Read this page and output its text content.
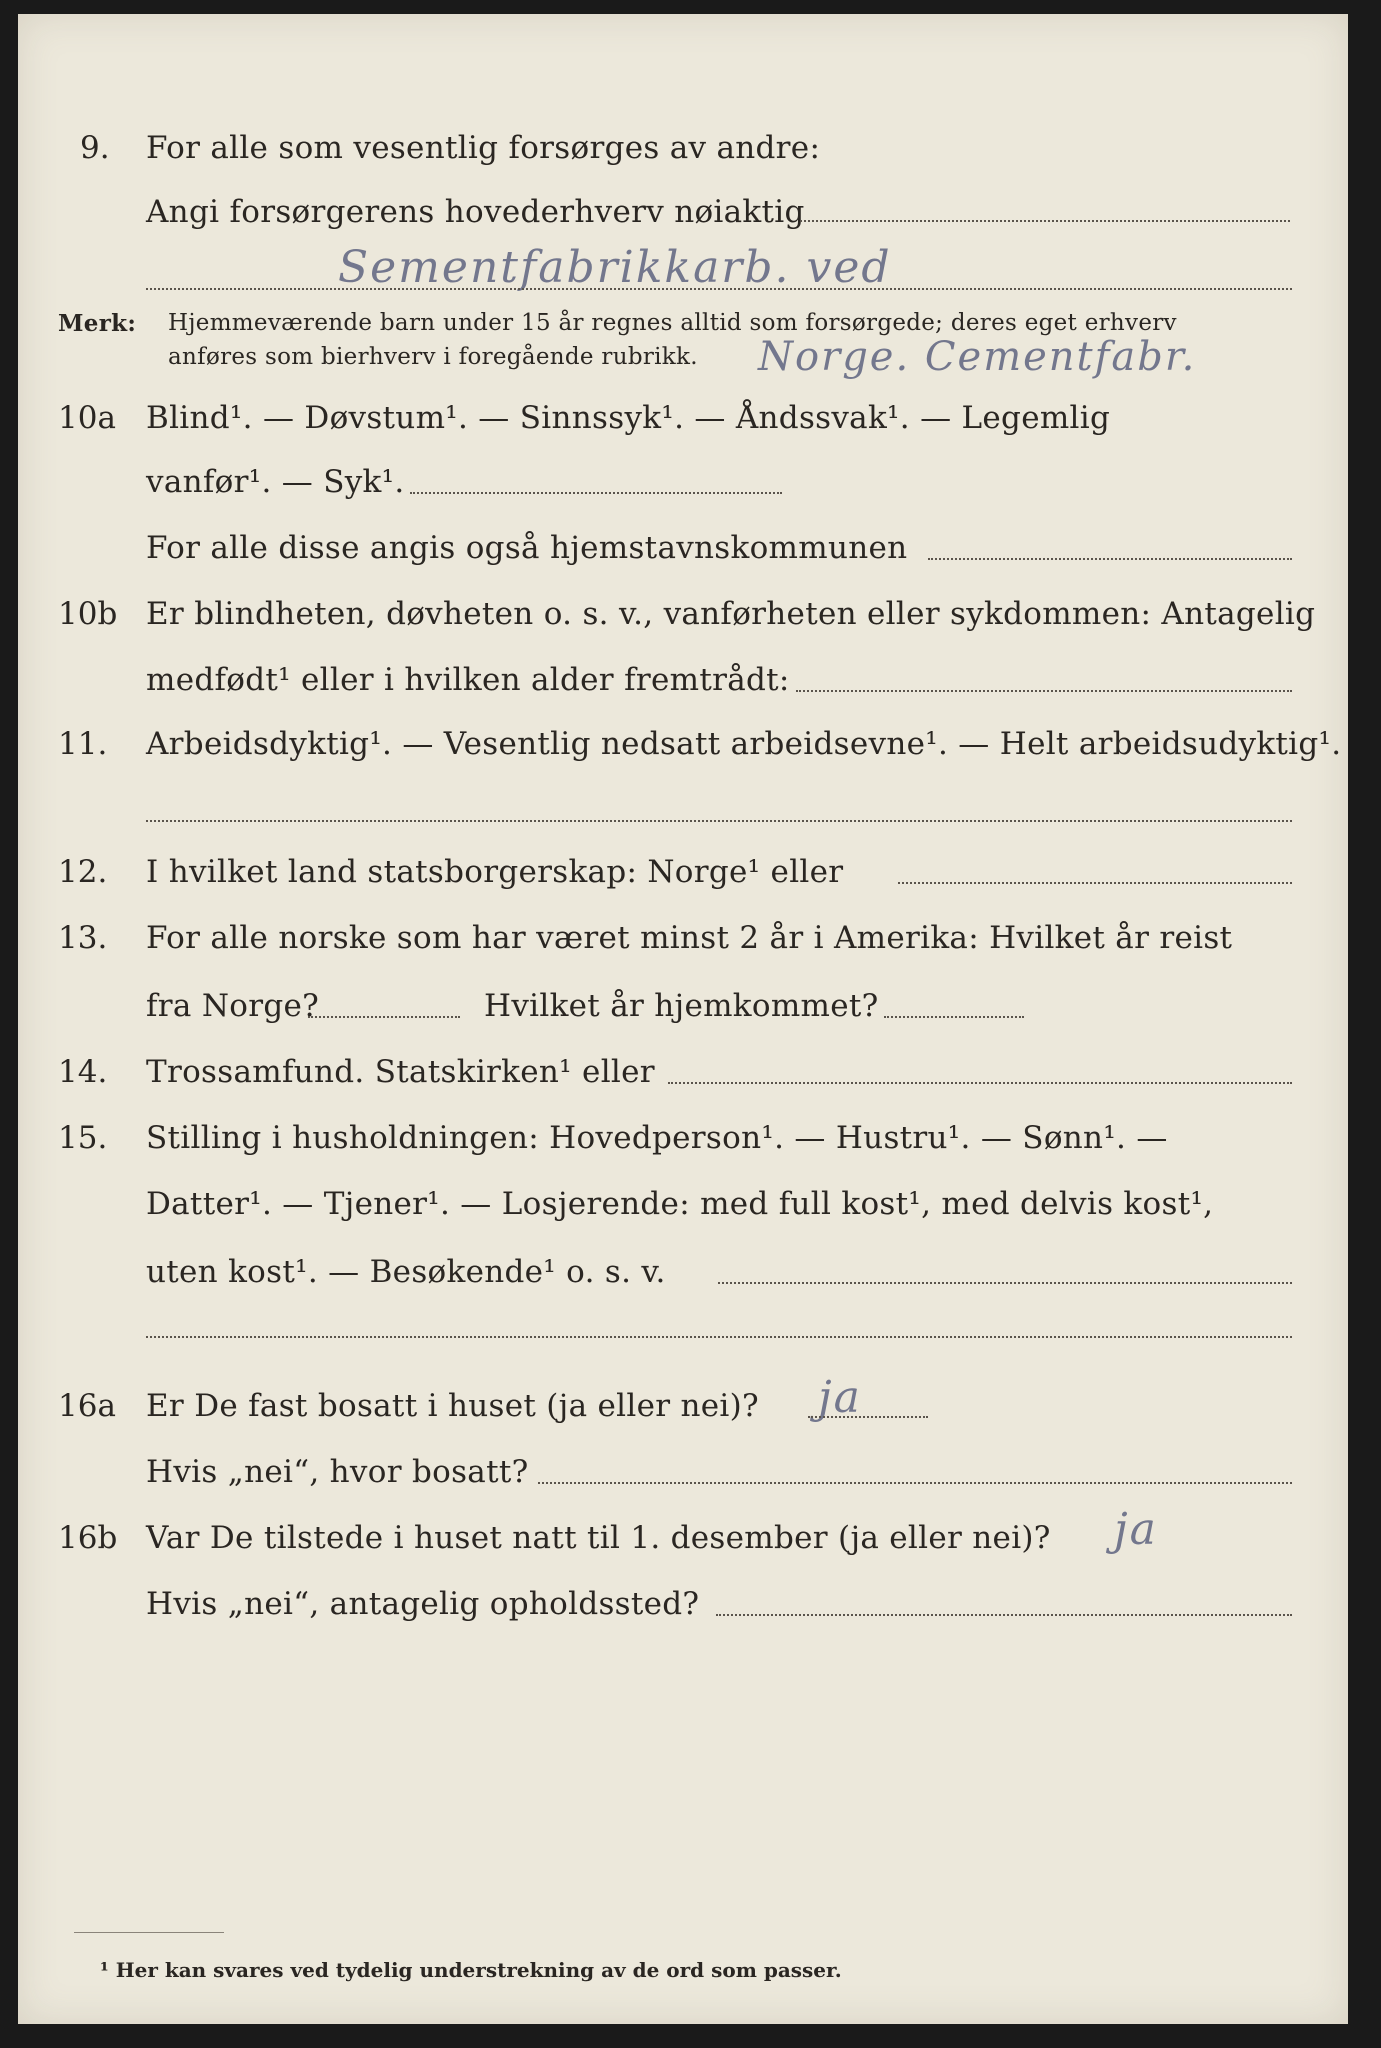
9. For alle som vesentlig forsørges av andre:
Angi forsørgerens hovederhverv nøiaktig
Sementfabrikkarb. ved
Merk: Hjemmeværende barn under 15 år regnes alltid som forsørgede; deres eget erhverv
anføres som bierhverv i foregående rubrikk. Norge. Cementfabr.
10a Blind¹. — Døvstum¹. — Sinnssyk¹. — Åndssvak¹. — Legemlig
vanfør¹. — Syk¹.
For alle disse angis også hjemstavnskommunen
10b Er blindheten, døvheten o. s. v., vanførheten eller sykdommen: Antagelig
medfødt¹ eller i hvilken alder fremtrådt:
11. Arbeidsdyktig¹. — Vesentlig nedsatt arbeidsevne¹. — Helt arbeidsudyktig¹.
12. I hvilket land statsborgerskap: Norge¹ eller
13. For alle norske som har været minst 2 år i Amerika: Hvilket år reist
fra Norge?	Hvilket år hjemkommet?
14. Trossamfund. Statskirken¹ eller
15. Stilling i husholdningen: Hovedperson¹. — Hustru¹. — Sønn¹. —
Datter¹. — Tjener¹. — Losjerende: med full kost¹, med delvis kost¹,
uten kost¹. — Besøkende¹ o. s. v.
16a Er De fast bosatt i huset (ja eller nei)? ja
Hvis „nei“, hvor bosatt?
16b Var De tilstede i huset natt til 1. desember (ja eller nei)? ja
Hvis „nei“, antagelig opholdssted?
¹ Her kan svares ved tydelig understrekning av de ord som passer.
